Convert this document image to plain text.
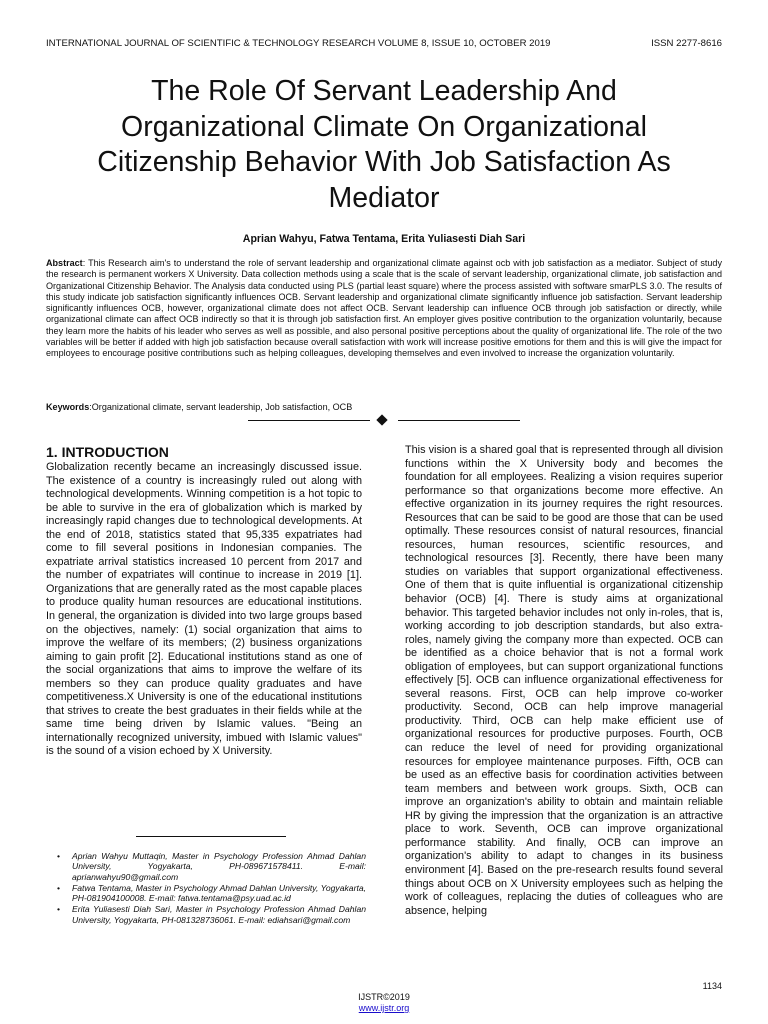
INTERNATIONAL JOURNAL OF SCIENTIFIC & TECHNOLOGY RESEARCH VOLUME 8, ISSUE 10, OCTOBER 2019	ISSN 2277-8616
The Role Of Servant Leadership And Organizational Climate On Organizational Citizenship Behavior With Job Satisfaction As Mediator
Aprian Wahyu, Fatwa Tentama, Erita Yuliasesti Diah Sari

Abstract: This Research aim's to understand the role of servant leadership and organizational climate against ocb with job satisfaction as a mediator. Subject of study the research is permanent workers X University. Data collection methods using a scale that is the scale of servant leadership, organizational climate, job satisfaction and Organizational Citizenship Behavior. The Analysis data conducted using PLS (partial least square) where the process assisted with software smarPLS 3.0. The results of this study indicate job satisfaction significantly influences OCB. Servant leadership and organizational climate significantly influence job satisfaction. Servant leadership significantly influences OCB, however, organizational climate does not affect OCB. Servant leadership can influence OCB through job satisfaction or directly, while organizational climate can affect OCB indirectly so that it is through job satisfaction first. An employer gives positive contribution to the organization voluntarily, because they learn more the habits of his leader who serves as well as possible, and also personal positive perceptions about the quality of organizational life. The role of the two variables will be better if added with high job satisfaction because overall satisfaction with work will increase positive emotions for them and this is will give the impact for employees to encourage positive contributions such as helping colleagues, developing themselves and even involved to increase the organization voluntarily.

Keywords:Organizational climate, servant leadership, Job satisfaction, OCB

1. INTRODUCTION

Globalization recently became an increasingly discussed issue. The existence of a country is increasingly ruled out along with technological developments. Winning competition is a hot topic to be able to survive in the era of globalization which is marked by increasingly rapid changes due to technological developments. At the end of 2018, statistics stated that 95,335 expatriates had come to fill several positions in Indonesian companies. The expatriate arrival statistics increased 10 percent from 2017 and the number of expatriates will continue to increase in 2019 [1]. Organizations that are generally rated as the most capable places to produce quality human resources are educational institutions. In general, the organization is divided into two large groups based on the objectives, namely: (1) social organization that aims to improve the welfare of its members; (2) business organizations aiming to gain profit [2]. Educational institutions stand as one of the social organizations that aims to improve the welfare of its members so they can produce quality graduates and have competitiveness.X University is one of the educational institutions that strives to create the best graduates in their fields while at the same time being driven by Islamic values. "Being an internationally recognized university, imbued with Islamic values" is the sound of a vision echoed by X University.

This vision is a shared goal that is represented through all division functions within the X University body and becomes the foundation for all employees. Realizing a vision requires superior performance so that organizations become more effective. An effective organization in its journey requires the right resources. Resources that can be said to be good are those that can be used optimally. These resources consist of natural resources, financial resources, human resources, scientific resources, and technological resources [3]. Recently, there have been many studies on variables that support organizational effectiveness. One of them that is quite influential is organizational citizenship behavior (OCB) [4]. There is study aims at organizational behavior. This targeted behavior includes not only in-roles, that is, working according to job description standards, but also extra-roles, namely giving the company more than expected. OCB can be identified as a choice behavior that is not a formal work obligation of employees, but can support organizational functions effectively [5]. OCB can influence organizational effectiveness for several reasons. First, OCB can help improve co-worker productivity. Second, OCB can help improve managerial productivity. Third, OCB can help make efficient use of organizational resources for productive purposes. Fourth, OCB can reduce the level of need for providing organizational resources for employee maintenance purposes. Fifth, OCB can be used as an effective basis for coordination activities between team members and between work groups. Sixth, OCB can improve an organization's ability to obtain and maintain reliable HR by giving the impression that the organization is an attractive place to work. Seventh, OCB can improve organizational performance stability. And finally, OCB can improve an organization's ability to adapt to changes in its business environment [4]. Based on the pre-research results found several things about OCB on X University employees such as helping the work of colleagues, replacing the duties of colleagues who are absence, helping

• Aprian Wahyu Muttaqin, Master in Psychology Profession Ahmad Dahlan University, Yogyakarta, PH-089671578411. E-mail: aprianwahyu90@gmail.com
• Fatwa Tentama, Master in Psychology Ahmad Dahlan University, Yogyakarta, PH-081904100008. E-mail: fatwa.tentama@psy.uad.ac.id
• Erita Yuliasesti Diah Sari, Master in Psychology Profession Ahmad Dahlan University, Yogyakarta, PH-081328736061. E-mail: ediahsari@gmail.com
1134
IJSTR©2019
www.ijstr.org
